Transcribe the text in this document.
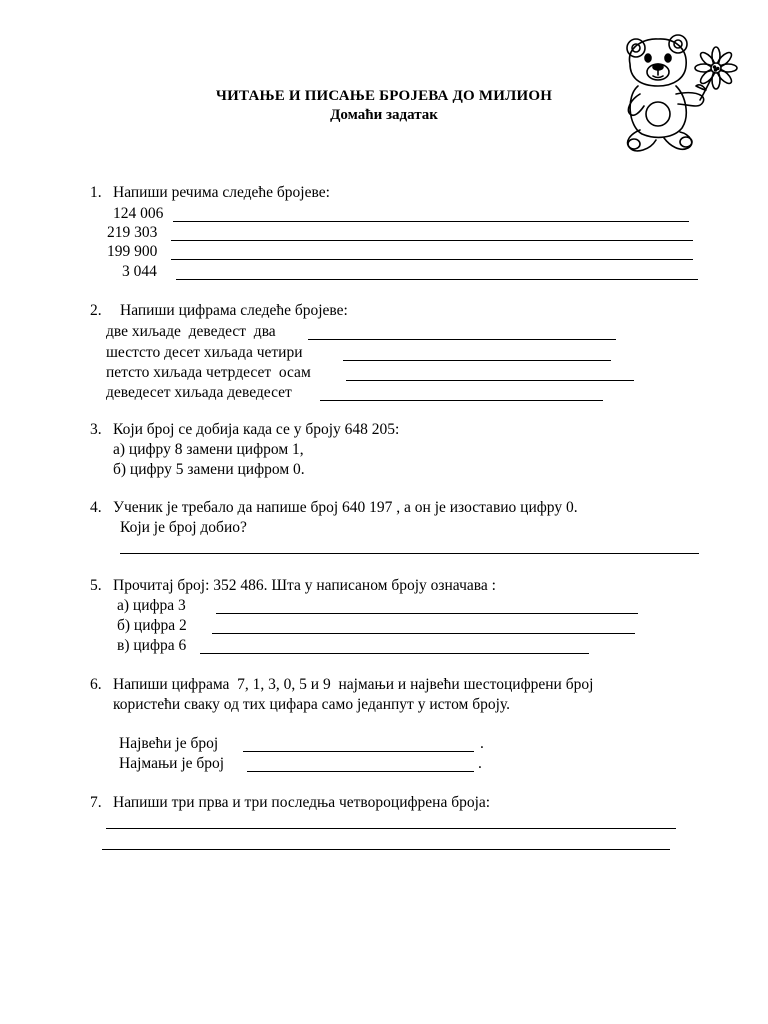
ЧИТАЊЕ И ПИСАЊЕ БРОЈЕВА ДО МИЛИОН
Домаћи задатак
1. Напиши речима следеће бројеве:
124 006
219 303
199 900
3 044
2. Напиши цифрама следеће бројеве:
две хиљаде  деведест  два
шестсто десет хиљада четири
петсто хиљада четрдесет  осам
деведесет хиљада деведесет
3. Који број се добија када се у броју 648 205:
а) цифру 8 замени цифром 1,
б) цифру 5 замени цифром 0.
4. Ученик је требало да напише број 640 197 , а он је изоставио цифру 0.
Који је број добио?
5. Прочитај број: 352 486. Шта у написаном броју означава :
а) цифра 3
б) цифра 2
в) цифра 6
6. Напиши цифрама  7, 1, 3, 0, 5 и 9  најмањи и највећи шестоцифрени број
користећи сваку од тих цифара само једанпут у истом броју.
Највећи је број	.
Најмањи је број	.
7. Напиши три прва и три последња четвороцифрена броја:
